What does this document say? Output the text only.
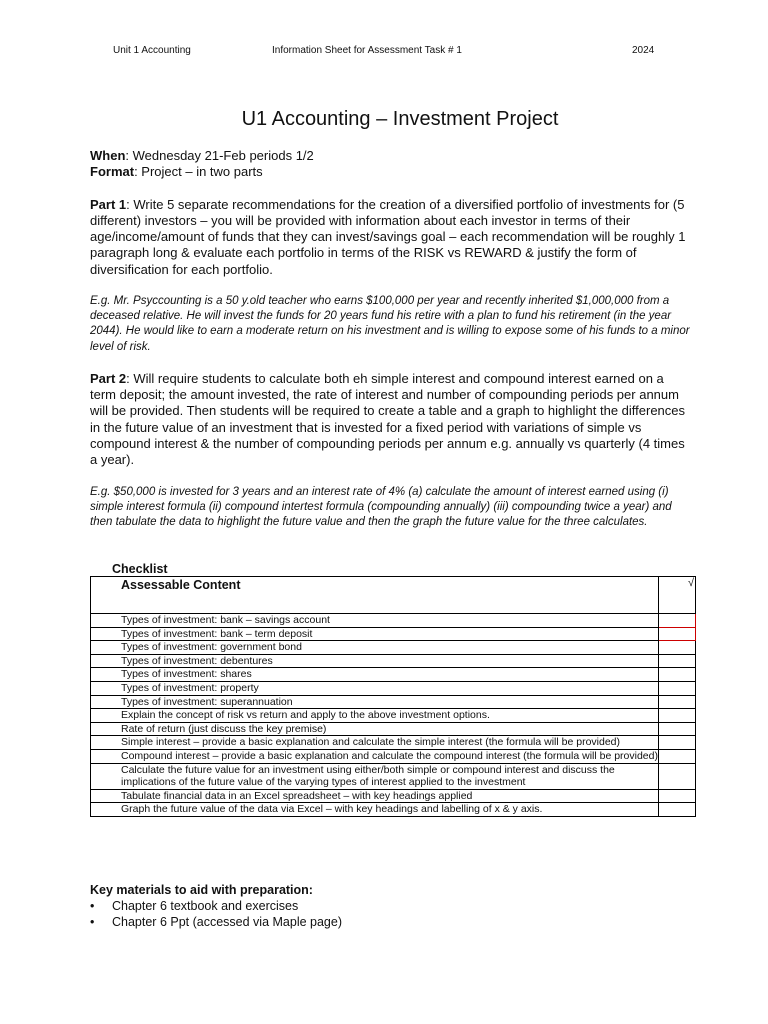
Unit 1 Accounting	Information Sheet for Assessment Task # 1	2024
U1 Accounting – Investment Project

When: Wednesday 21-Feb periods 1/2

Format: Project – in two parts

Part 1: Write 5 separate recommendations for the creation of a diversified portfolio of investments for (5 different) investors – you will be provided with information about each investor in terms of their age/income/amount of funds that they can invest/savings goal – each recommendation will be roughly 1 paragraph long & evaluate each portfolio in terms of the RISK vs REWARD & justify the form of diversification for each portfolio.

E.g. Mr. Psyccounting is a 50 y.old teacher who earns $100,000 per year and recently inherited $1,000,000 from a deceased relative. He will invest the funds for 20 years fund his retire with a plan to fund his retirement (in the year 2044). He would like to earn a moderate return on his investment and is willing to expose some of his funds to a minor level of risk.

Part 2: Will require students to calculate both eh simple interest and compound interest earned on a term deposit; the amount invested, the rate of interest and number of compounding periods per annum will be provided. Then students will be required to create a table and a graph to highlight the differences in the future value of an investment that is invested for a fixed period with variations of simple vs compound interest & the number of compounding periods per annum e.g. annually vs quarterly (4 times a year).

E.g. $50,000 is invested for 3 years and an interest rate of 4% (a) calculate the amount of interest earned using (i) simple interest formula (ii) compound intertest formula (compounding annually) (iii) compounding twice a year) and then tabulate the data to highlight the future value and then the graph the future value for the three calculates.

Checklist
	Assessable Content	√
	Types of investment: bank – savings account	
	Types of investment: bank – term deposit	
	Types of investment: government bond	
	Types of investment: debentures	
	Types of investment: shares	
	Types of investment: property	
	Types of investment: superannuation	
	Explain the concept of risk vs return and apply to the above investment options.	
	Rate of return (just discuss the key premise)	
	Simple interest – provide a basic explanation and calculate the simple interest (the formula will be provided)	
	Compound interest – provide a basic explanation and calculate the compound interest (the formula will be provided)	
	Calculate the future value for an investment using either/both simple or compound interest and discuss the implications of the future value of the varying types of interest applied to the investment	
	Tabulate financial data in an Excel spreadsheet – with key headings applied	
	Graph the future value of the data via Excel – with key headings and labelling of x & y axis.	
Key materials to aid with preparation:
• Chapter 6 textbook and exercises
• Chapter 6 Ppt (accessed via Maple page)
